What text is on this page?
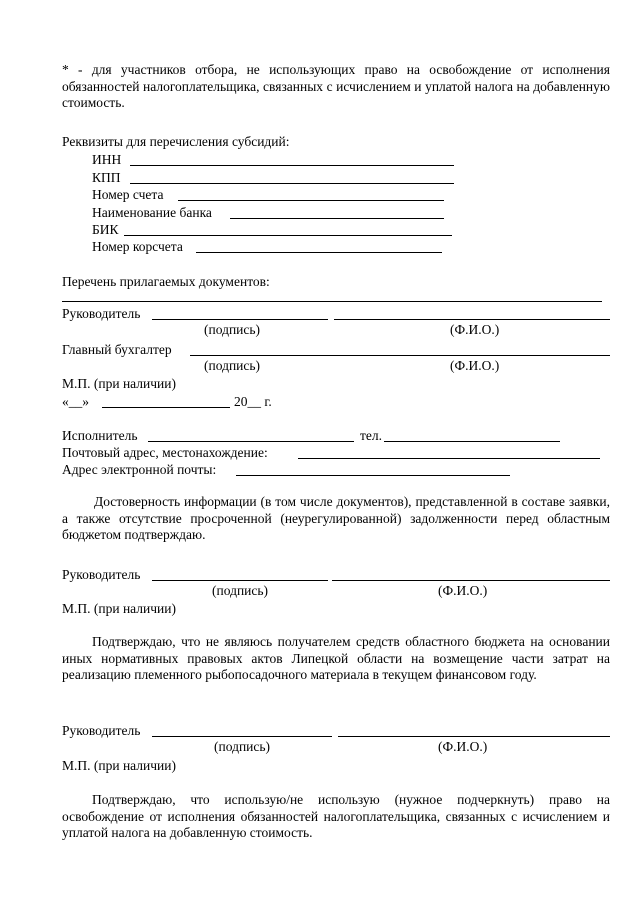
* - для участников отбора, не использующих право на освобождение от исполнения обязанностей налогоплательщика, связанных с исчислением и уплатой налога на добавленную стоимость.
Реквизиты для перечисления субсидий:
ИНН
КПП
Номер счета
Наименование банка
БИК
Номер корсчета
Перечень прилагаемых документов:
Руководитель
(подпись)	(Ф.И.О.)
Главный бухгалтер
(подпись)	(Ф.И.О.)
М.П. (при наличии)
«__»	20__ г.
Исполнитель	тел.
Почтовый адрес, местонахождение:
Адрес электронной почты:
Достоверность информации (в том числе документов), представленной в составе заявки, а также отсутствие просроченной (неурегулированной) задолженности перед областным бюджетом подтверждаю.
Руководитель
(подпись)	(Ф.И.О.)
М.П. (при наличии)
Подтверждаю, что не являюсь получателем средств областного бюджета на основании иных нормативных правовых актов Липецкой области на возмещение части затрат на реализацию племенного рыбопосадочного материала в текущем финансовом году.
Руководитель
(подпись)	(Ф.И.О.)
М.П. (при наличии)
Подтверждаю, что использую/не использую (нужное подчеркнуть) право на освобождение от исполнения обязанностей налогоплательщика, связанных с исчислением и уплатой налога на добавленную стоимость.
